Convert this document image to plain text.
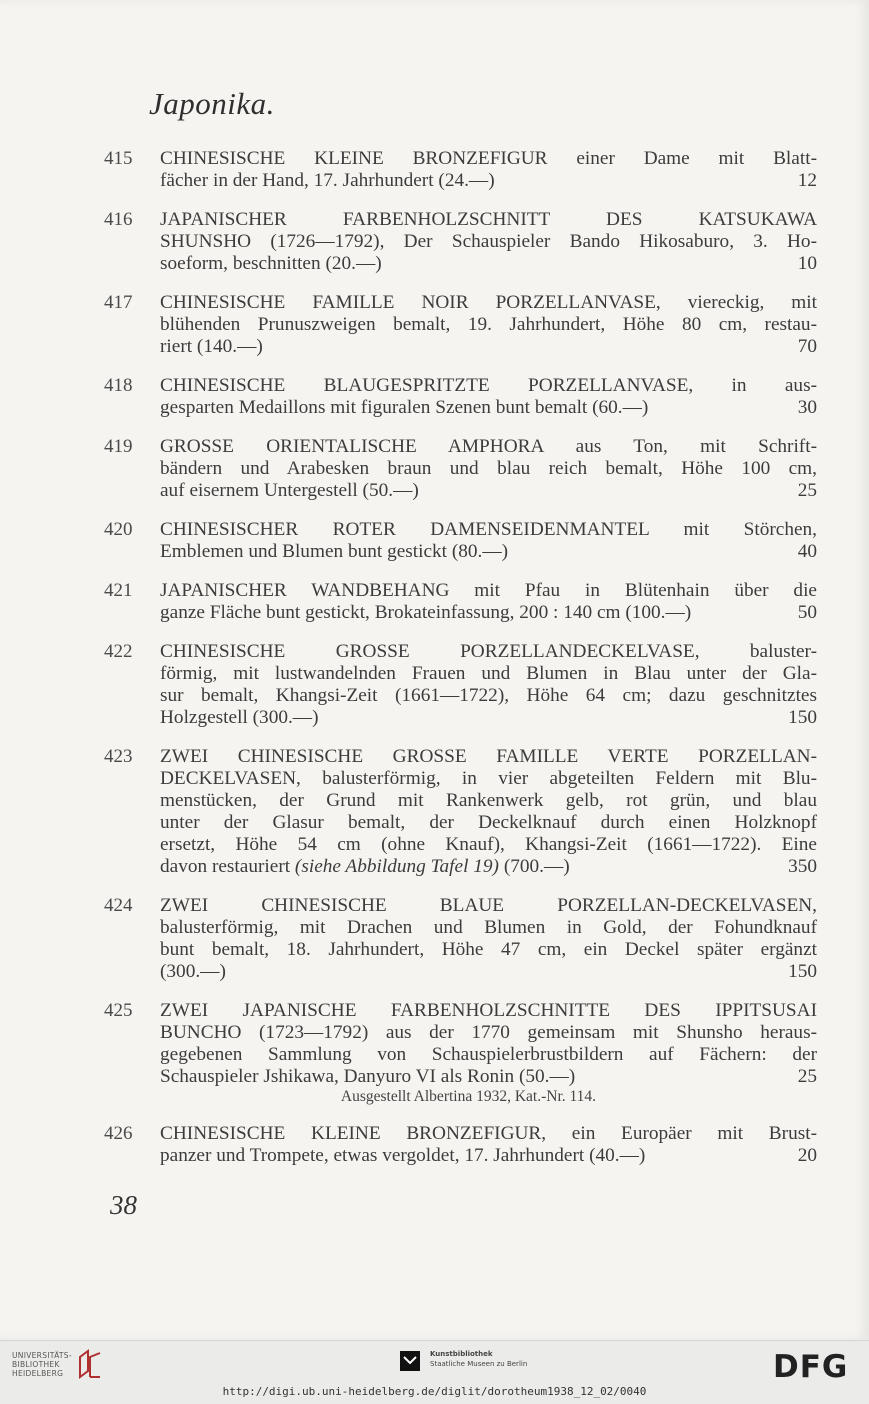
Japonika.
415 CHINESISCHE KLEINE BRONZEFIGUR einer Dame mit Blatt-
fächer in der Hand, 17. Jahrhundert (24.—)	12
416 JAPANISCHER FARBENHOLZSCHNITT DES KATSUKAWA
SHUNSHO (1726—1792), Der Schauspieler Bando Hikosaburo, 3. Ho-
soeform, beschnitten (20.—)	10
417 CHINESISCHE FAMILLE NOIR PORZELLANVASE, viereckig, mit
blühenden Prunuszweigen bemalt, 19. Jahrhundert, Höhe 80 cm, restau-
riert (140.—)	70
418 CHINESISCHE BLAUGESPRITZTE PORZELLANVASE, in aus-
gesparten Medaillons mit figuralen Szenen bunt bemalt (60.—)	30
419 GROSSE ORIENTALISCHE AMPHORA aus Ton, mit Schrift-
bändern und Arabesken braun und blau reich bemalt, Höhe 100 cm,
auf eisernem Untergestell (50.—)	25
420 CHINESISCHER ROTER DAMENSEIDENMANTEL mit Störchen,
Emblemen und Blumen bunt gestickt (80.—)	40
421 JAPANISCHER WANDBEHANG mit Pfau in Blütenhain über die
ganze Fläche bunt gestickt, Brokateinfassung, 200 : 140 cm (100.—)	50
422 CHINESISCHE GROSSE PORZELLANDECKELVASE, baluster-
förmig, mit lustwandelnden Frauen und Blumen in Blau unter der Gla-
sur bemalt, Khangsi-Zeit (1661—1722), Höhe 64 cm; dazu geschnitztes
Holzgestell (300.—)	150
423 ZWEI CHINESISCHE GROSSE FAMILLE VERTE PORZELLAN-
DECKELVASEN, balusterförmig, in vier abgeteilten Feldern mit Blu-
menstücken, der Grund mit Rankenwerk gelb, rot grün, und blau
unter der Glasur bemalt, der Deckelknauf durch einen Holzknopf
ersetzt, Höhe 54 cm (ohne Knauf), Khangsi-Zeit (1661—1722). Eine
davon restauriert (siehe Abbildung Tafel 19) (700.—)	350
424 ZWEI CHINESISCHE BLAUE PORZELLAN-DECKELVASEN,
balusterförmig, mit Drachen und Blumen in Gold, der Fohundknauf
bunt bemalt, 18. Jahrhundert, Höhe 47 cm, ein Deckel später ergänzt
(300.—)	150
425 ZWEI JAPANISCHE FARBENHOLZSCHNITTE DES IPPITSUSAI
BUNCHO (1723—1792) aus der 1770 gemeinsam mit Shunsho heraus-
gegebenen Sammlung von Schauspielerbrustbildern auf Fächern: der
Schauspieler Jshikawa, Danyuro VI als Ronin (50.—)	25
Ausgestellt Albertina 1932, Kat.-Nr. 114.
426 CHINESISCHE KLEINE BRONZEFIGUR, ein Europäer mit Brust-
panzer und Trompete, etwas vergoldet, 17. Jahrhundert (40.—)	20
38
UNIVERSITÄTS-
BIBLIOTHEK
HEIDELBERG
Kunstbibliothek
Staatliche Museen zu Berlin	DFG
http://digi.ub.uni-heidelberg.de/diglit/dorotheum1938_12_02/0040
